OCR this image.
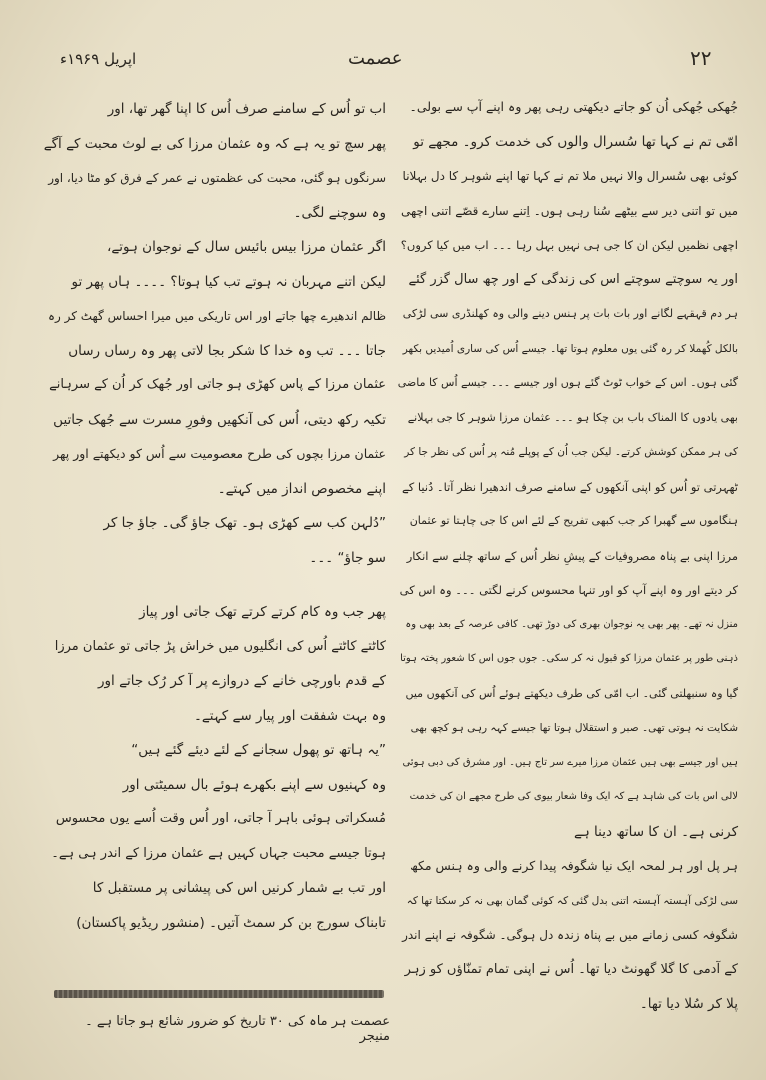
اپریل ۱۹۶۹ء	عصمت	۲۲

جُھکی جُھکی اُن کو جاتے دیکھتی رہی پھر وہ اپنے آپ سے بولی۔

امّی تم نے کہا تھا سُسرال والوں کی خدمت کرو۔ مجھے تو

کوئی بھی سُسرال والا نہیں ملا تم نے کہا تھا اپنے شوہر کا دل بہلانا

میں تو اتنی دیر سے بیٹھے سُنا رہی ہوں۔ اِتنے سارے قصّے اتنی اچھی

اچھی نظمیں لیکن ان کا جی ہی نہیں بہل رہا ۔۔۔ اب میں کیا کروں؟

اور یہ سوچتے سوچتے اس کی زندگی کے اور چھ سال گزر گئے

ہر دم قہقہے لگانے اور بات بات پر ہنس دینے والی وہ کھلنڈری سی لڑکی

بالکل کُھملا کر رہ گئی یوں معلوم ہوتا تھا۔ جیسے اُس کی ساری اُمیدیں بکھر

گئی ہوں۔ اس کے خواب ٹوٹ گئے ہوں اور جیسے ۔۔۔ جیسے اُس کا ماضی

بھی یادوں کا المناک باب بن چکا ہو ۔۔۔ عثمان مرزا شوہر کا جی بہلانے

کی ہر ممکن کوشش کرتے۔ لیکن جب اُن کے پوپلے مُنہ پر اُس کی نظر جا کر

ٹھہرتی تو اُس کو اپنی آنکھوں کے سامنے صرف اندھیرا نظر آتا۔ دُنیا کے

ہنگاموں سے گھبرا کر جب کبھی تفریح کے لئے اس کا جی چاہتا تو عثمان

مرزا اپنی بے پناہ مصروفیات کے پیشِ نظر اُس کے ساتھ چلنے سے انکار

کر دیتے اور وہ اپنے آپ کو اور تنہا محسوس کرنے لگتی ۔۔۔ وہ اس کی

منزل نہ تھے۔ پھر بھی یہ نوجوان بھری کی دوڑ تھی۔ کافی عرصہ کے بعد بھی وہ

ذہنی طور پر عثمان مرزا کو قبول نہ کر سکی۔ جوں جوں اس کا شعور پختہ ہوتا

گیا وہ سنبھلتی گئی۔ اب امّی کی طرف دیکھتے ہوئے اُس کی آنکھوں میں

شکایت نہ ہوتی تھی۔ صبر و استقلال ہوتا تھا جیسے کہہ رہی ہو کچھ بھی

ہیں اور جیسے بھی ہیں عثمان مرزا میرے سر تاج ہیں۔ اور مشرق کی دبی ہوئی

لالی اس بات کی شاہد ہے کہ ایک وفا شعار بیوی کی طرح مجھے ان کی خدمت

کرنی ہے۔ ان کا ساتھ دینا ہے

ہر پل اور ہر لمحہ ایک نیا شگوفہ پیدا کرنے والی وہ ہنس مکھ

سی لڑکی آہستہ آہستہ اتنی بدل گئی کہ کوئی گمان بھی نہ کر سکتا تھا کہ

شگوفہ کسی زمانے میں بے پناہ زندہ دل ہوگی۔ شگوفہ نے اپنے اندر

کے آدمی کا گلا گھونٹ دیا تھا۔ اُس نے اپنی تمام تمنّاؤں کو زہر

پلا کر سُلا دیا تھا۔

اب تو اُس کے سامنے صرف اُس کا اپنا گھر تھا، اور

پھر سچ تو یہ ہے کہ وہ عثمان مرزا کی بے لوث محبت کے آگے

سرنگوں ہو گئی، محبت کی عظمتوں نے عمر کے فرق کو مٹا دیا، اور

وہ سوچنے لگی۔

اگر عثمان مرزا بیس بائیس سال کے نوجوان ہوتے،

لیکن اتنے مہربان نہ ہوتے تب کیا ہوتا؟ ۔۔۔۔ ہاں پھر تو

ظالم اندھیرے چھا جاتے اور اس تاریکی میں میرا احساس گھٹ کر رہ

جاتا ۔۔۔ تب وہ خدا کا شکر بجا لاتی پھر وہ رساں رساں

عثمان مرزا کے پاس کھڑی ہو جاتی اور جُھک کر اُن کے سرہانے

تکیہ رکھ دیتی، اُس کی آنکھیں وفورِ مسرت سے جُھک جاتیں

عثمان مرزا بچوں کی طرح معصومیت سے اُس کو دیکھتے اور پھر

اپنے مخصوص انداز میں کہتے۔

”دُلہن کب سے کھڑی ہو۔ تھک جاؤ گی۔ جاؤ جا کر

سو جاؤ“ ۔۔۔

پھر جب وہ کام کرتے کرتے تھک جاتی اور پیاز

کاٹتے کاٹتے اُس کی انگلیوں میں خراش پڑ جاتی تو عثمان مرزا

کے قدم باورچی خانے کے دروازے پر آ کر رُک جاتے اور

وہ بہت شفقت اور پیار سے کہتے۔

”یہ ہاتھ تو پھول سجانے کے لئے دیئے گئے ہیں“

وہ کہنیوں سے اپنے بکھرے ہوئے بال سمیٹتی اور

مُسکراتی ہوئی باہر آ جاتی، اور اُس وقت اُسے یوں محسوس

ہوتا جیسے محبت جہاں کہیں ہے عثمان مرزا کے اندر ہی ہے۔

اور تب بے شمار کرنیں اس کی پیشانی پر مستقبل کا

تابناک سورج بن کر سمٹ آتیں۔ (منشور ریڈیو پاکستان)

عصمت ہر ماہ کی ۳۰ تاریخ کو ضرور شائع ہو جاتا ہے ۔ منیجر
